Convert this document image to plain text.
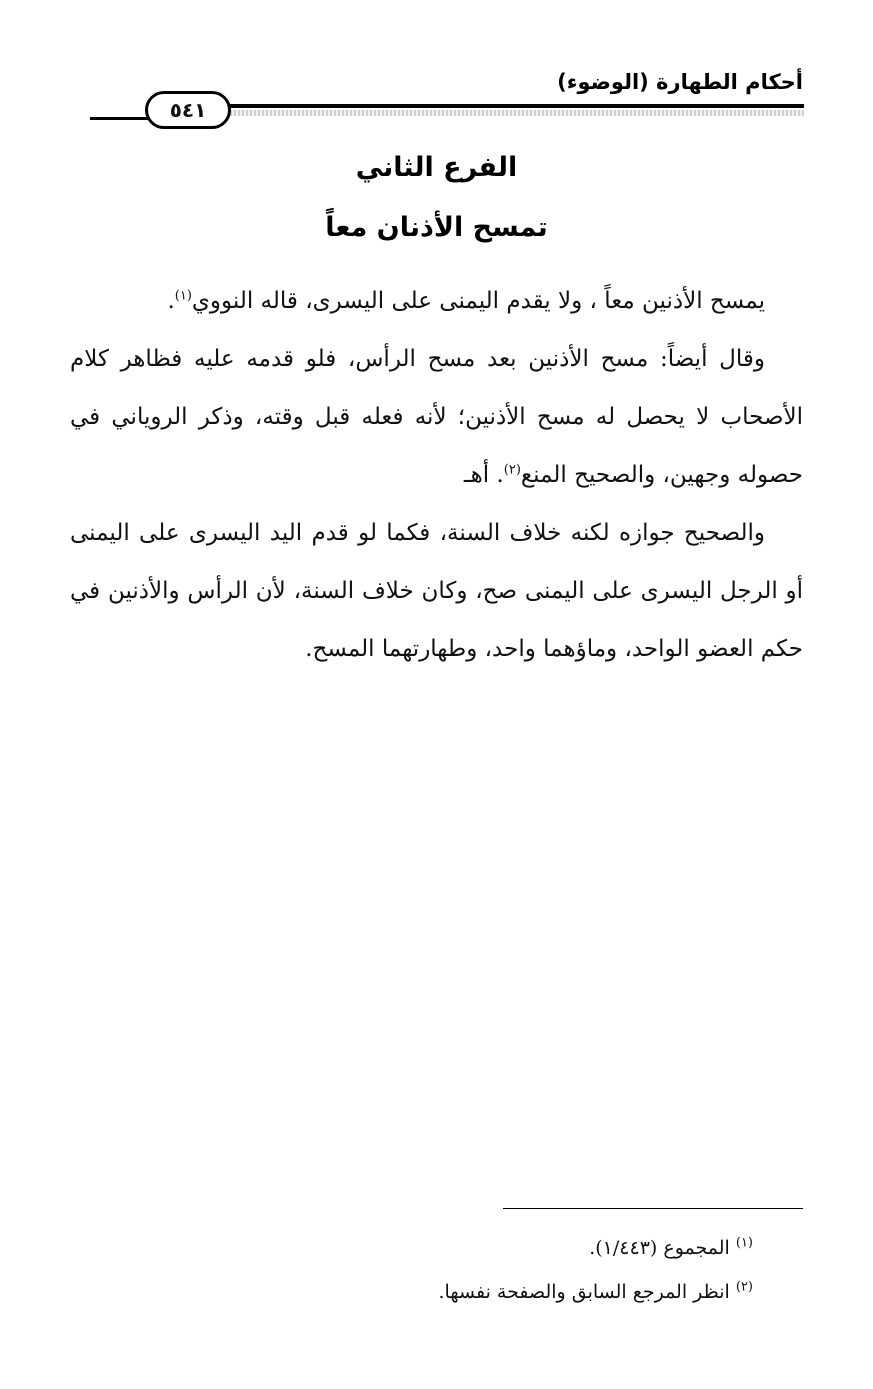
أحكام الطهارة (الوضوء)
٥٤١
الفرع الثاني
تمسح الأذنان معاً

يمسح الأذنين معاً ، ولا يقدم اليمنى على اليسرى، قاله النووي$^{(١)}$.

وقال أيضاً: مسح الأذنين بعد مسح الرأس، فلو قدمه عليه فظاهر كلام الأصحاب لا يحصل له مسح الأذنين؛ لأنه فعله قبل وقته، وذكر الروياني في حصوله وجهين، والصحيح المنع$^{(٢)}$. أهـ

والصحيح جوازه لكنه خلاف السنة، فكما لو قدم اليد اليسرى على اليمنى أو الرجل اليسرى على اليمنى صح، وكان خلاف السنة، لأن الرأس والأذنين في حكم العضو الواحد، وماؤهما واحد، وطهارتهما المسح.

$^{(١)}$ المجموع (١/٤٤٣).

$^{(٢)}$ انظر المرجع السابق والصفحة نفسها.
